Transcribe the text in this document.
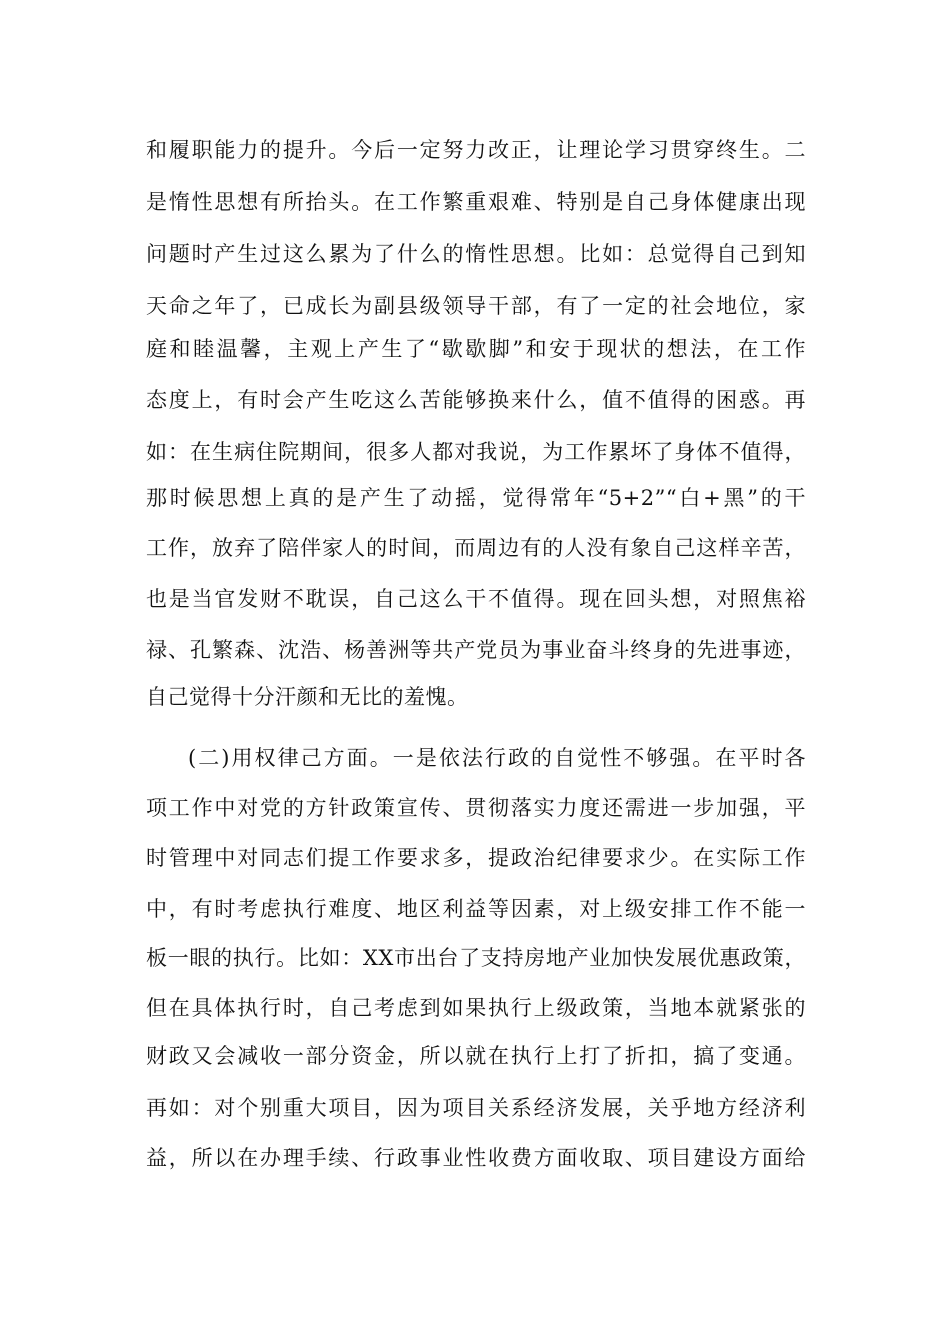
和履职能力的提升。今后一定努力改正，让理论学习贯穿终生。二
是惰性思想有所抬头。在工作繁重艰难、特别是自己身体健康出现
问题时产生过这么累为了什么的惰性思想。比如：总觉得自己到知
天命之年了，已成长为副县级领导干部，有了一定的社会地位，家
庭和睦温馨，主观上产生了“歇歇脚”和安于现状的想法，在工作
态度上，有时会产生吃这么苦能够换来什么，值不值得的困惑。再
如：在生病住院期间，很多人都对我说，为工作累坏了身体不值得，
那时候思想上真的是产生了动摇，觉得常年“5+2”“白+黑”的干
工作，放弃了陪伴家人的时间，而周边有的人没有象自己这样辛苦，
也是当官发财不耽误，自己这么干不值得。现在回头想，对照焦裕
禄、孔繁森、沈浩、杨善洲等共产党员为事业奋斗终身的先进事迹，
自己觉得十分汗颜和无比的羞愧。
(二)用权律己方面。一是依法行政的自觉性不够强。在平时各
项工作中对党的方针政策宣传、贯彻落实力度还需进一步加强，平
时管理中对同志们提工作要求多，提政治纪律要求少。在实际工作
中，有时考虑执行难度、地区利益等因素，对上级安排工作不能一
板一眼的执行。比如：XX市出台了支持房地产业加快发展优惠政策，
但在具体执行时，自己考虑到如果执行上级政策，当地本就紧张的
财政又会减收一部分资金，所以就在执行上打了折扣，搞了变通。
再如：对个别重大项目，因为项目关系经济发展，关乎地方经济利
益，所以在办理手续、行政事业性收费方面收取、项目建设方面给
